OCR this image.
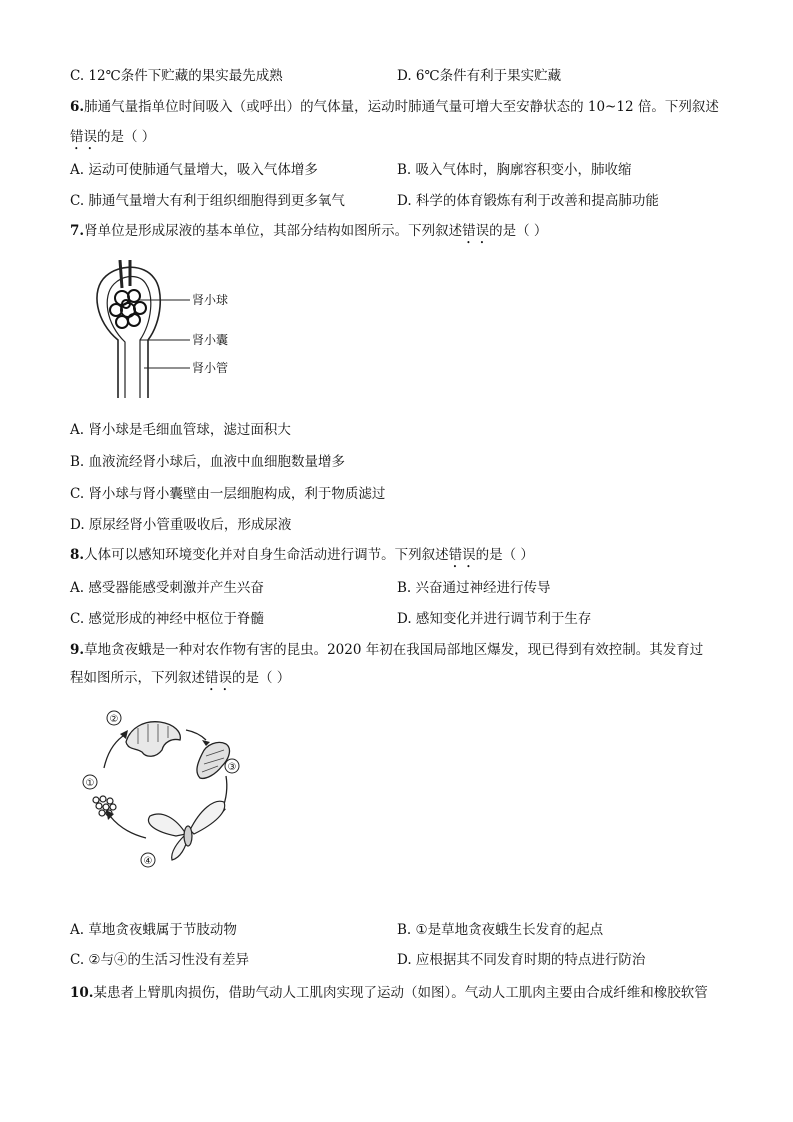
C. 12℃条件下贮藏的果实最先成熟	D. 6℃条件有利于果实贮藏
6.肺通气量指单位时间吸入（或呼出）的气体量，运动时肺通气量可增大至安静状态的 10~12 倍。下列叙述
错误的是（ ）
A. 运动可使肺通气量增大，吸入气体增多	B. 吸入气体时，胸廓容积变小，肺收缩
C. 肺通气量增大有利于组织细胞得到更多氧气	D. 科学的体育锻炼有利于改善和提高肺功能
7.肾单位是形成尿液的基本单位，其部分结构如图所示。下列叙述错误的是（ ）
肾小球
肾小囊
肾小管
A. 肾小球是毛细血管球，滤过面积大
B. 血液流经肾小球后，血液中血细胞数量增多
C. 肾小球与肾小囊壁由一层细胞构成，利于物质滤过
D. 原尿经肾小管重吸收后，形成尿液
8.人体可以感知环境变化并对自身生命活动进行调节。下列叙述错误的是（ ）
A. 感受器能感受刺激并产生兴奋	B. 兴奋通过神经进行传导
C. 感觉形成的神经中枢位于脊髓	D. 感知变化并进行调节利于生存
9.草地贪夜蛾是一种对农作物有害的昆虫。2020 年初在我国局部地区爆发，现已得到有效控制。其发育过
程如图所示，下列叙述错误的是（ ）
①
②
③
④
A. 草地贪夜蛾属于节肢动物	B. ①是草地贪夜蛾生长发育的起点
C. ②与④的生活习性没有差异	D. 应根据其不同发育时期的特点进行防治
10.某患者上臂肌肉损伤，借助气动人工肌肉实现了运动（如图）。气动人工肌肉主要由合成纤维和橡胶软管
